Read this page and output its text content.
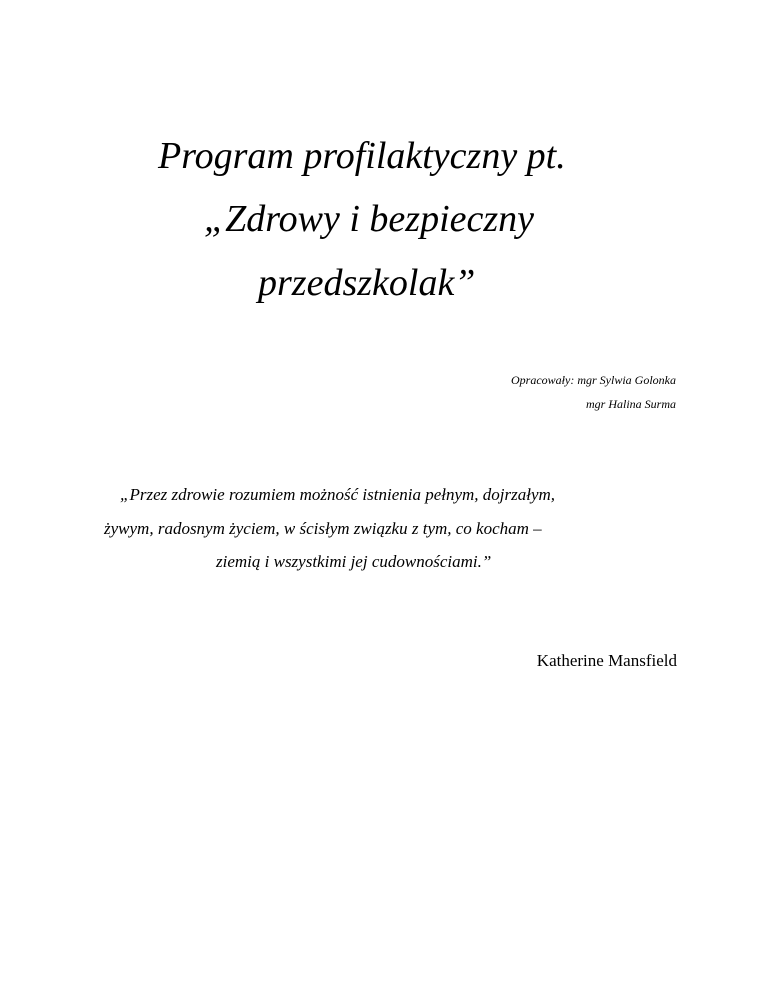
Program profilaktyczny pt.
„Zdrowy i bezpieczny
przedszkolak”
Opracowały: mgr Sylwia Golonka
mgr Halina Surma
„Przez zdrowie rozumiem możność istnienia pełnym, dojrzałym,
żywym, radosnym życiem, w ścisłym związku z tym, co kocham –
ziemią i wszystkimi jej cudownościami.”
Katherine Mansfield
